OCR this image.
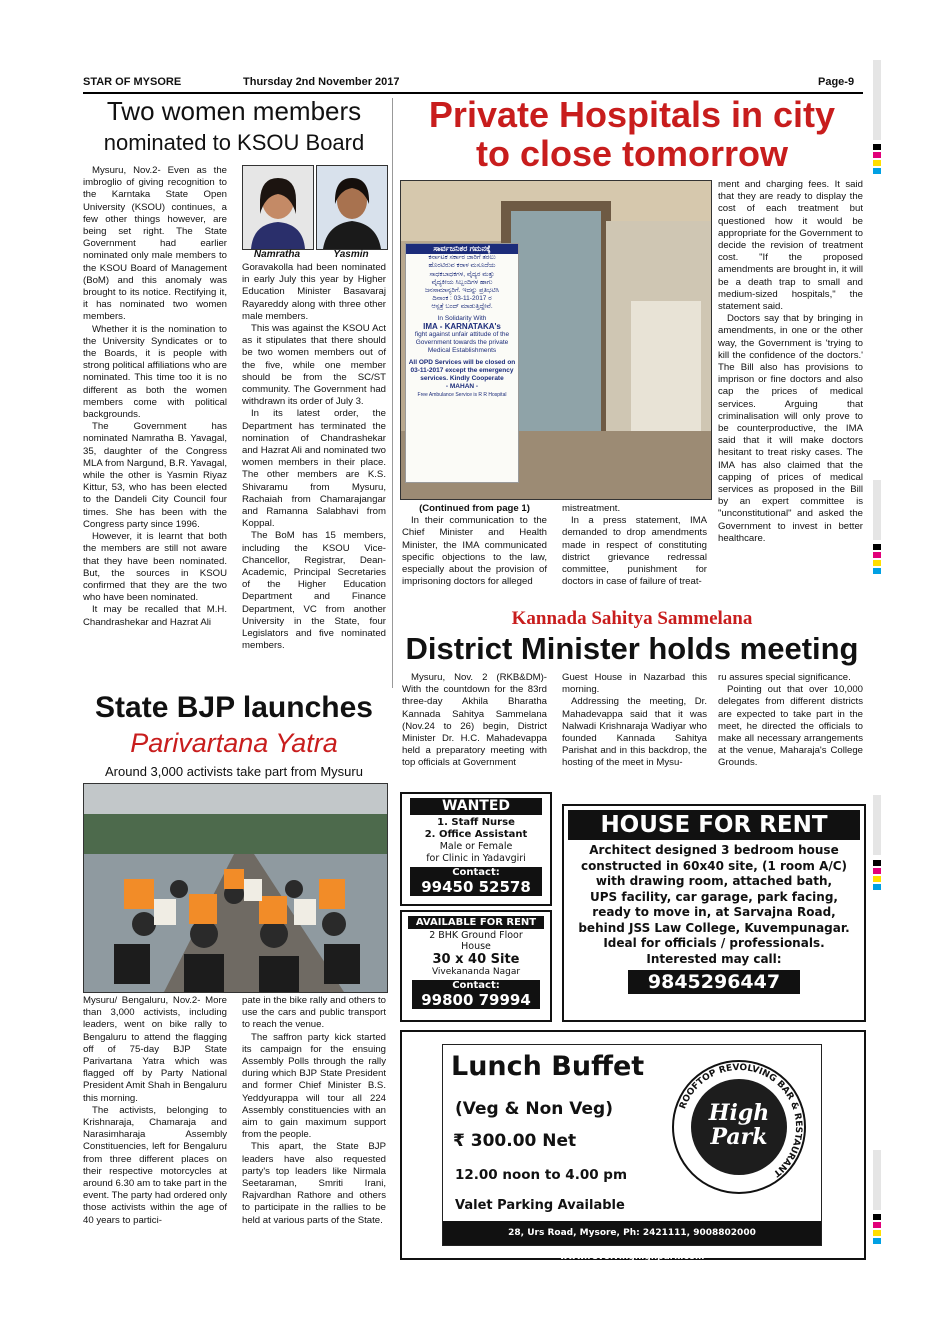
STAR OF MYSORE	Thursday 2nd November 2017	Page-9
Two women members
nominated to KSOU Board
Namratha	Yasmin

Mysuru, Nov.2- Even as the imbroglio of giving recognition to the Karntaka State Open University (KSOU) continues, a few other things however, are being set right. The State Government had earlier nominated only male members to the KSOU Board of Management (BoM) and this anomaly was brought to its notice. Rectifying it, it has nominated two women members.

Whether it is the nomination to the University Syndicates or to the Boards, it is people with strong political affiliations who are nominated. This time too it is no different as both the women members come with political backgrounds.

The Government has nominated Namratha B. Yavagal, 35, daughter of the Congress MLA from Nargund, B.R. Yavagal, while the other is Yasmin Riyaz Kittur, 53, who has been elected to the Dandeli City Council four times. She has been with the Congress party since 1996.

However, it is learnt that both the members are still not aware that they have been nominated. But, the sources in KSOU confirmed that they are the two who have been nominated.

It may be recalled that M.H. Chandrashekar and Hazrat Ali

Goravakolla had been nominated in early July this year by Higher Education Minister Basavaraj Rayareddy along with three other male members.

This was against the KSOU Act as it stipulates that there should be two women members out of the five, while one member should be from the SC/ST community. The Government had withdrawn its order of July 3.

In its latest order, the Department has terminated the nomination of Chandrashekar and Hazrat Ali and nominated two women members in their place. The other members are K.S. Shivaramu from Mysuru, Rachaiah from Chamarajangar and Ramanna Salabhavi from Koppal.

The BoM has 15 members, including the KSOU Vice-Chancellor, Registrar, Dean-Academic, Principal Secretaries of the Higher Education Department and Finance Department, VC from another University in the State, four Legislators and five nominated members.

Private Hospitals in city
to close tomorrow
ಸಾರ್ವಜನಿಕರ ಗಮನಕ್ಕೆ
ಕರ್ನಾಟಕ ಸರ್ಕಾರ ಜಾರಿಗೆ ತರಲು
ಹೊರಟಿರುವ ಕರಾಳ ಮಸೂದೆಯ
ಸಾಧಕಬಾಧಕಗಳ, ವೈದ್ಯರ ಮತ್ತು
ವೈದ್ಯಕೀಯ ಸಿಬ್ಬಂದಿಗಳ ಹಾಗು
ಜನಸಾಮಾನ್ಯರಿಗೆ. ಇದನ್ನು ಪ್ರತಿಭಟಿಸಿ
ದಿನಾಂಕ : 03-11-2017 ರ
ಆಸ್ಪತ್ರೆ ಬಂದ್ ಮಾಡುತ್ತಿದ್ದೇವೆ.
In Solidarity With
IMA - KARNATAKA's
fight against unfair attitude of the Government towards the private Medical Establishments
All OPD Services will be closed on 03-11-2017 except the emergency services. Kindly Cooperate
- MAHAN -
Free Ambulance Service is R R Hospital
(Continued from page 1)

In their communication to the Chief Minister and Health Minister, the IMA communicated specific objections to the law, especially about the provision of imprisoning doctors for alleged

mistreatment.

In a press statement, IMA demanded to drop amendments made in respect of constituting district grievance redressal committee, punishment for doctors in case of failure of treat-

ment and charging fees. It said that they are ready to display the cost of each treatment but questioned how it would be appropriate for the Government to decide the revision of treatment cost. "If the proposed amendments are brought in, it will be a death trap to small and medium-sized hospitals," the statement said.

Doctors say that by bringing in amendments, in one or the other way, the Government is 'trying to kill the confidence of the doctors.' The Bill also has provisions to imprison or fine doctors and also cap the prices of medical services. Arguing that criminalisation will only prove to be counterproductive, the IMA said that it will make doctors hesitant to treat risky cases. The IMA has also claimed that the capping of prices of medical services as proposed in the Bill by an expert committee is "unconstitutional" and asked the Government to invest in better healthcare.

Kannada Sahitya Sammelana
District Minister holds meeting

Mysuru, Nov. 2 (RKB&DM)- With the countdown for the 83rd three-day Akhila Bharatha Kannada Sahitya Sammelana (Nov.24 to 26) begin, District Minister Dr. H.C. Mahadevappa held a preparatory meeting with top officials at Government

Guest House in Nazarbad this morning.

Addressing the meeting, Dr. Mahadevappa said that it was Nalwadi Krishnaraja Wadiyar who founded Kannada Sahitya Parishat and in this backdrop, the hosting of the meet in Mysu-

ru assures special significance.

Pointing out that over 10,000 delegates from different districts are expected to take part in the meet, he directed the officials to make all necessary arrangements at the venue, Maharaja's College Grounds.

State BJP launches
Parivartana Yatra
Around 3,000 activists take part from Mysuru

Mysuru/ Bengaluru, Nov.2- More than 3,000 activists, including leaders, went on bike rally to Bengaluru to attend the flagging off of 75-day BJP State Parivartana Yatra which was flagged off by Party National President Amit Shah in Bengaluru this morning.

The activists, belonging to Krishnaraja, Chamaraja and Narasimharaja Assembly Constituencies, left for Bengaluru from three different places on their respective motorcycles at around 6.30 am to take part in the event. The party had ordered only those activists within the age of 40 years to partici-

pate in the bike rally and others to use the cars and public transport to reach the venue.

The saffron party kick started its campaign for the ensuing Assembly Polls through the rally during which BJP State President and former Chief Minister B.S. Yeddyurappa will tour all 224 Assembly constituencies with an aim to gain maximum support from the people.

This apart, the State BJP leaders have also requested party's top leaders like Nirmala Seetaraman, Smriti Irani, Rajvardhan Rathore and others to participate in the rallies to be held at various parts of the State.

WANTED
1. Staff Nurse
2. Office Assistant
Male or Female
for Clinic in Yadavgiri
Contact:
99450 52578
AVAILABLE FOR RENT
2 BHK Ground Floor
House
30 x 40 Site
Vivekananda Nagar
Contact:
99800 79994
HOUSE FOR RENT
Architect designed 3 bedroom house
constructed in 60x40 site, (1 room A/C)
with drawing room, attached bath,
UPS facility, car garage, park facing,
ready to move in, at Sarvajna Road,
behind JSS Law College, Kuvempunagar.
Ideal for officials / professionals.
Interested may call:
9845296447
Lunch Buffet
(Veg & Non Veg)
₹ 300.00 Net
12.00 noon to 4.00 pm
Valet Parking Available
28, Urs Road, Mysore, Ph: 2421111, 9008802000 www.revolvinghighpark.com
ROOFTOP REVOLVING BAR & RESTAURANT
High
Park
